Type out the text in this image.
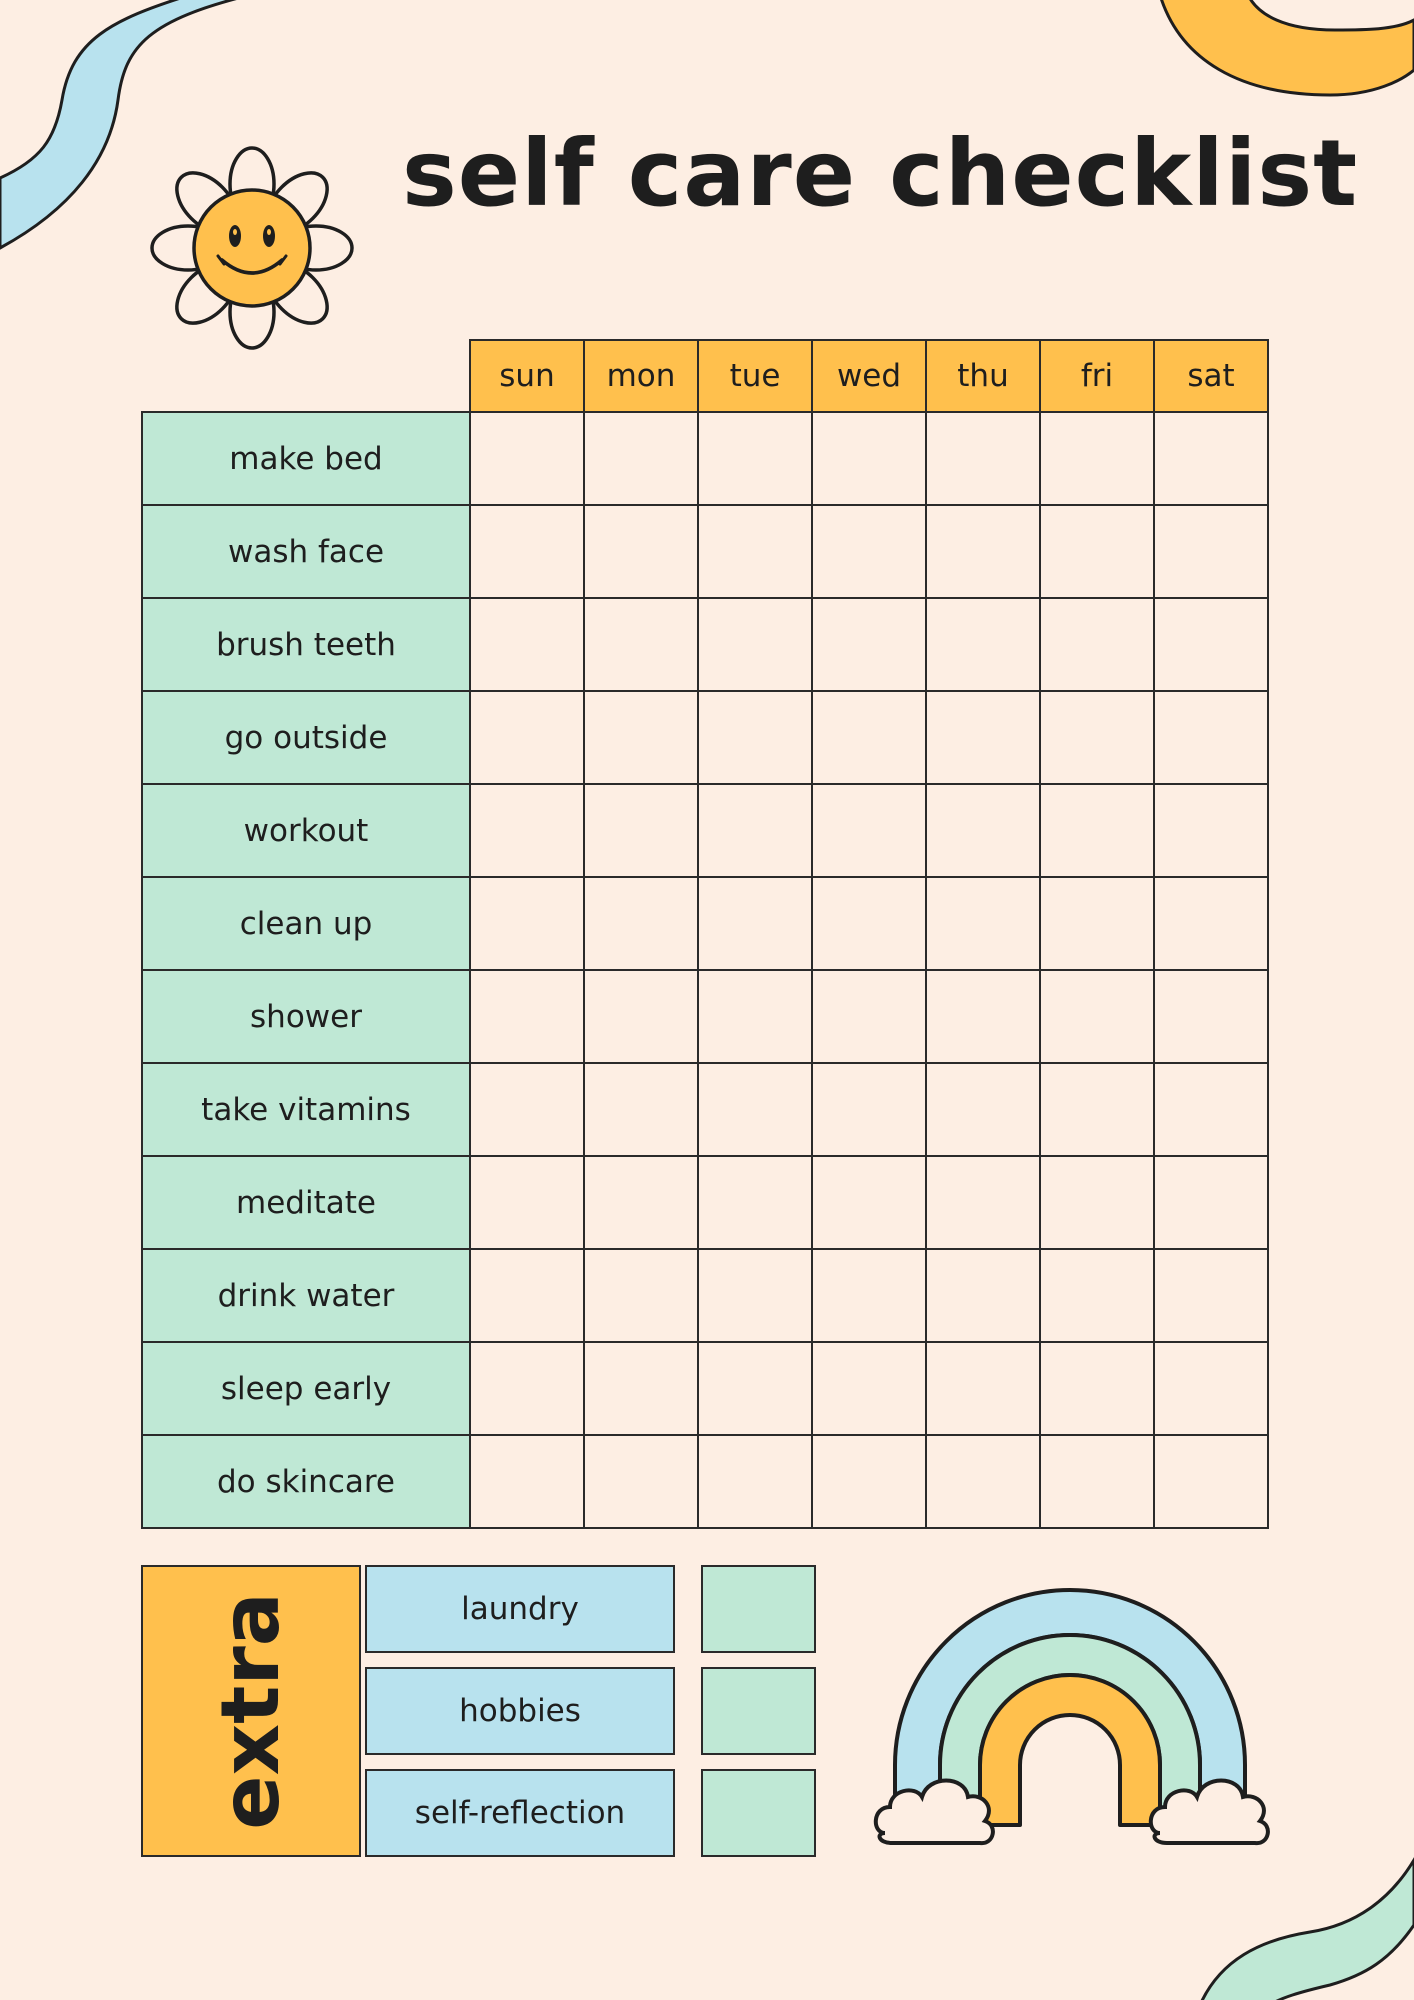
self care checklist
	sun	mon	tue	wed	thu	fri	sat
make bed							
wash face							
brush teeth							
go outside							
workout							
clean up							
shower							
take vitamins							
meditate							
drink water							
sleep early							
do skincare							
extra	laundry
hobbies
self-reflection
